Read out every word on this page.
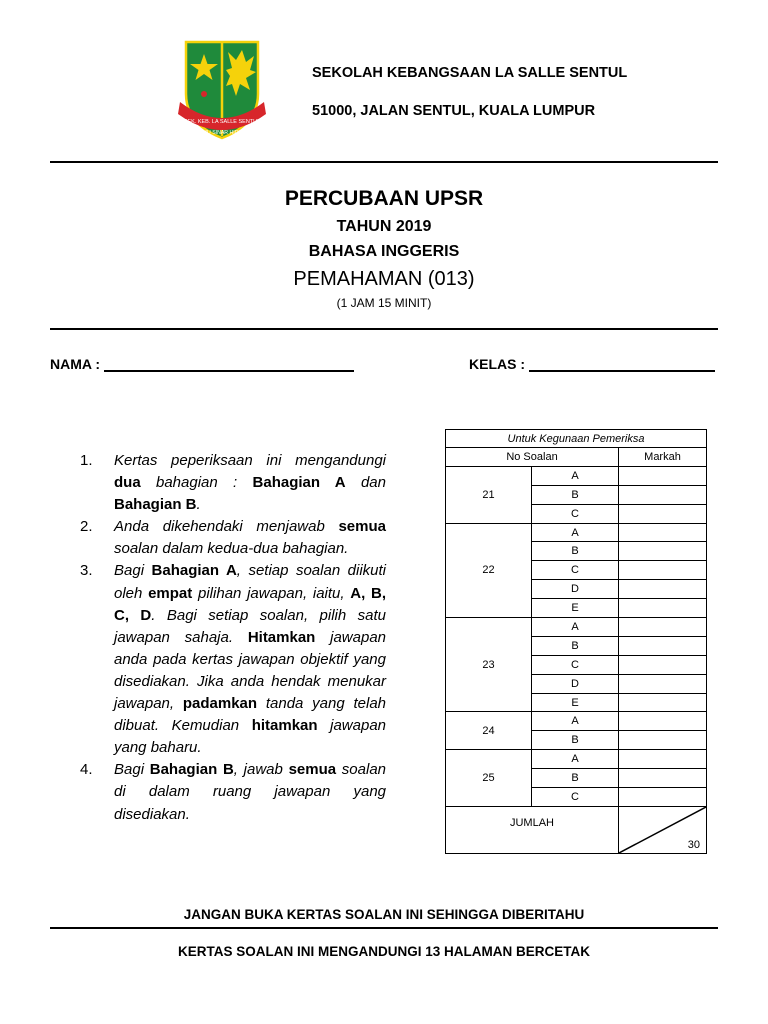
SEK. KEB. LA SALLE SENTUL
ILMU SINAR HIDUP
SEKOLAH KEBANGSAAN LA SALLE SENTUL
51000, JALAN SENTUL, KUALA LUMPUR
PERCUBAAN UPSR
TAHUN 2019
BAHASA INGGERIS
PEMAHAMAN (013)
(1 JAM 15 MINIT)
NAMA :	KELAS :
1. Kertas peperiksaan ini mengandungi dua bahagian : Bahagian A dan Bahagian B.
2. Anda dikehendaki menjawab semua soalan dalam kedua-dua bahagian.
3. Bagi Bahagian A, setiap soalan diikuti oleh empat pilihan jawapan, iaitu, A, B, C, D. Bagi setiap soalan, pilih satu jawapan sahaja. Hitamkan jawapan anda pada kertas jawapan objektif yang disediakan. Jika anda hendak menukar jawapan, padamkan tanda yang telah dibuat. Kemudian hitamkan jawapan yang baharu.
4. Bagi Bahagian B, jawab semua soalan di dalam ruang jawapan yang disediakan.
Untuk Kegunaan Pemeriksa		
No Soalan		Markah
21	A	
	B	
	C	
22	A	
	B	
	C	
	D	
	E	
23	A	
	B	
	C	
	D	
	E	
24	A	
	B	
25	A	
	B	
	C	
JUMLAH		30
JANGAN BUKA KERTAS SOALAN INI SEHINGGA DIBERITAHU
KERTAS SOALAN INI MENGANDUNGI 13 HALAMAN BERCETAK
